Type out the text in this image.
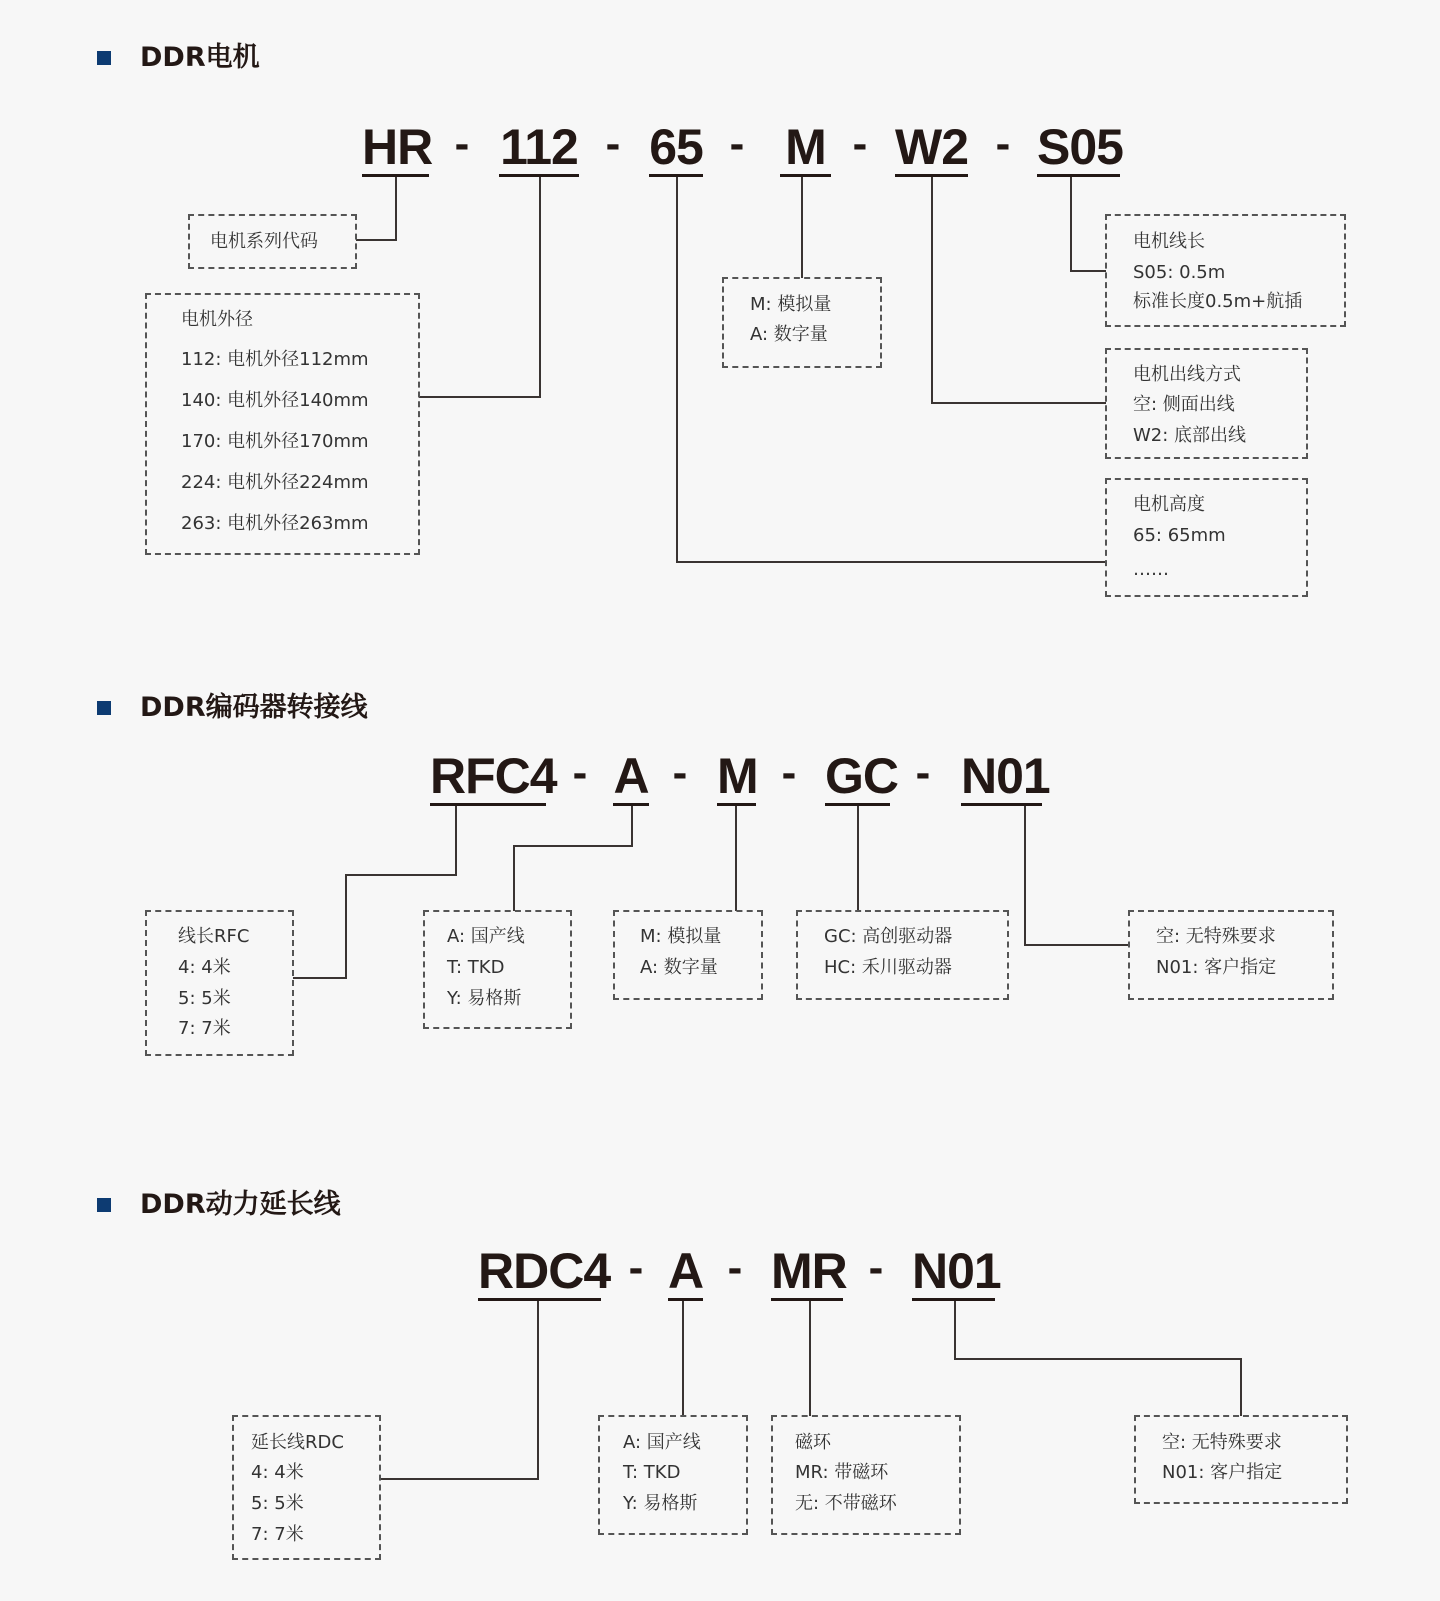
DDR电机
HR 112 65 M W2 S05
-	- - -	-
电机系列代码
电机外径
112: 电机外径112mm
140: 电机外径140mm
170: 电机外径170mm
224: 电机外径224mm
263: 电机外径263mm
M: 模拟量
A: 数字量
电机线长
S05: 0.5m
标准长度0.5m+航插
电机出线方式
空: 侧面出线
W2: 底部出线
电机高度
65: 65mm
……
DDR编码器转接线
RFC4 A M GC N01
- - -	-
线长RFC
4: 4米
5: 5米
7: 7米
A: 国产线
T: TKD
Y: 易格斯
M: 模拟量
A: 数字量
GC: 高创驱动器
HC: 禾川驱动器
空: 无特殊要求
N01: 客户指定
DDR动力延长线
RDC4 A MR N01
- -	-
延长线RDC
4: 4米
5: 5米
7: 7米
A: 国产线
T: TKD
Y: 易格斯
磁环
MR: 带磁环
无: 不带磁环
空: 无特殊要求
N01: 客户指定
